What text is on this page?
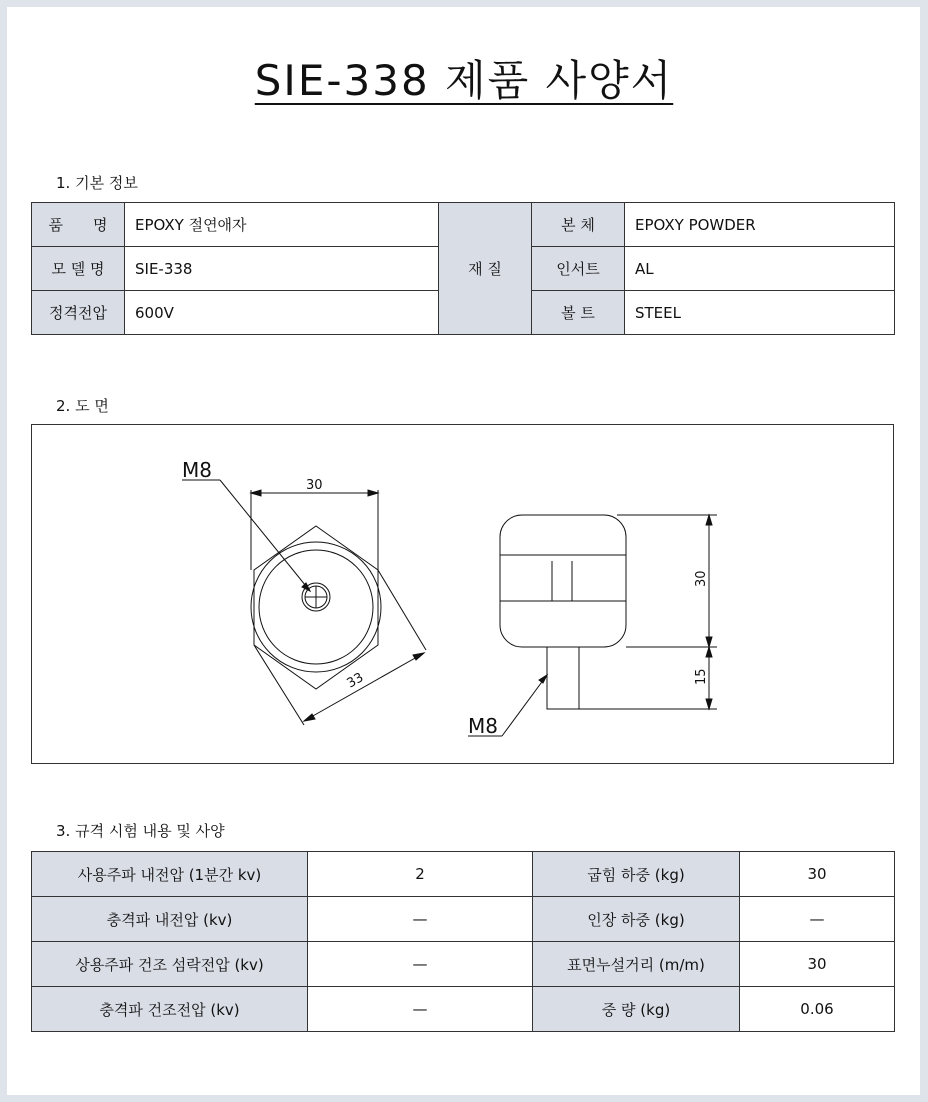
SIE-338 제품 사양서
1. 기본 정보
품　　명	EPOXY 절연애자	재 질	본 체	EPOXY POWDER
모 델 명	SIE-338		인서트	AL
정격전압	600V		볼 트	STEEL
2. 도 면
M8
30
33
30
15
M8
3. 규격 시험 내용 및 사양
사용주파 내전압 (1분간 kv)	2	굽힘 하중 (kg)	30
충격파 내전압 (kv)	—	인장 하중 (kg)	—
상용주파 건조 섬락전압 (kv)	—	표면누설거리 (m/m)	30
충격파 건조전압 (kv)	—	중 량 (kg)	0.06
